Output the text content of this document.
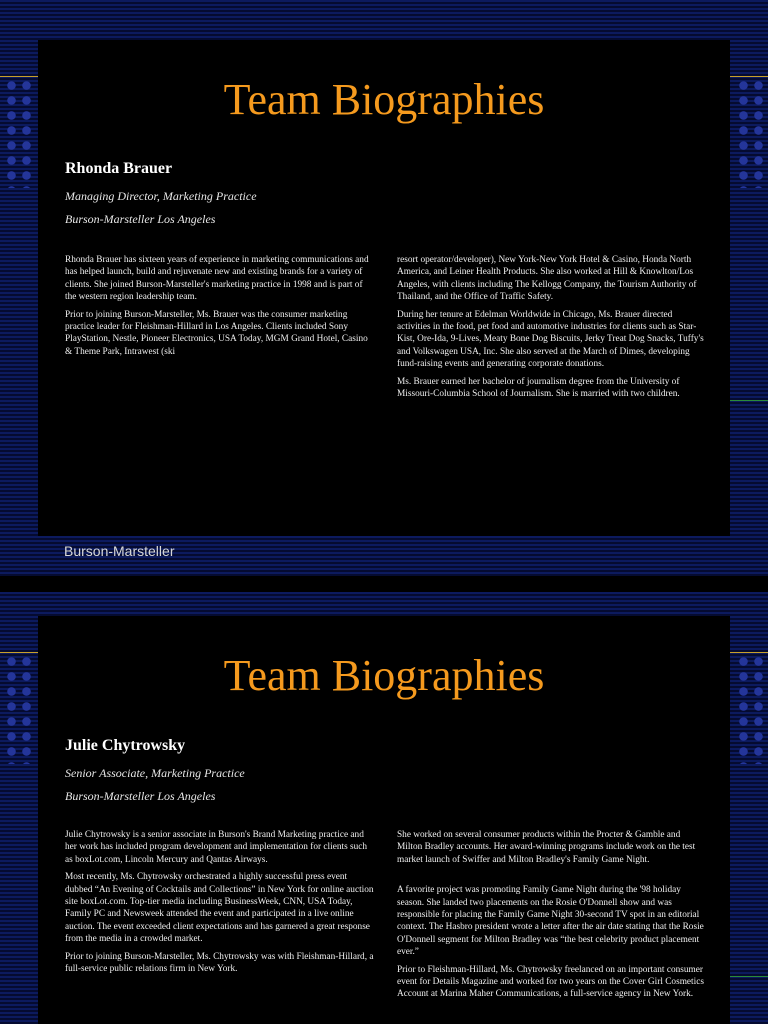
Team Biographies
Rhonda Brauer

Managing Director, Marketing Practice

Burson-Marsteller Los Angeles

Rhonda Brauer has sixteen years of experience in marketing communications and has helped launch, build and rejuvenate new and existing brands for a variety of clients. She joined Burson-Marsteller's marketing practice in 1998 and is part of the western region leadership team.

Prior to joining Burson-Marsteller, Ms. Brauer was the consumer marketing practice leader for Fleishman-Hillard in Los Angeles. Clients included Sony PlayStation, Nestle, Pioneer Electronics, USA Today, MGM Grand Hotel, Casino & Theme Park, Intrawest (ski

resort operator/developer), New York-New York Hotel & Casino, Honda North America, and Leiner Health Products. She also worked at Hill & Knowlton/Los Angeles, with clients including The Kellogg Company, the Tourism Authority of Thailand, and the Office of Traffic Safety.

During her tenure at Edelman Worldwide in Chicago, Ms. Brauer directed activities in the food, pet food and automotive industries for clients such as Star-Kist, Ore-Ida, 9-Lives, Meaty Bone Dog Biscuits, Jerky Treat Dog Snacks, Tuffy's and Volkswagen USA, Inc. She also served at the March of Dimes, developing fund-raising events and generating corporate donations.

Ms. Brauer earned her bachelor of journalism degree from the University of Missouri-Columbia School of Journalism. She is married with two children.

Burson-Marsteller

Team Biographies
Julie Chytrowsky

Senior Associate, Marketing Practice

Burson-Marsteller Los Angeles

Julie Chytrowsky is a senior associate in Burson's Brand Marketing practice and her work has included program development and implementation for clients such as boxLot.com, Lincoln Mercury and Qantas Airways.

Most recently, Ms. Chytrowsky orchestrated a highly successful press event dubbed “An Evening of Cocktails and Collections” in New York for online auction site boxLot.com. Top-tier media including BusinessWeek, CNN, USA Today, Family PC and Newsweek attended the event and participated in a live online auction. The event exceeded client expectations and has garnered a great response from the media in a crowded market.

Prior to joining Burson-Marsteller, Ms. Chytrowsky was with Fleishman-Hillard, a full-service public relations firm in New York.

She worked on several consumer products within the Procter & Gamble and Milton Bradley accounts. Her award-winning programs include work on the test market launch of Swiffer and Milton Bradley's Family Game Night.

A favorite project was promoting Family Game Night during the '98 holiday season. She landed two placements on the Rosie O'Donnell show and was responsible for placing the Family Game Night 30-second TV spot in an editorial context. The Hasbro president wrote a letter after the air date stating that the Rosie O'Donnell segment for Milton Bradley was “the best celebrity product placement ever.”

Prior to Fleishman-Hillard, Ms. Chytrowsky freelanced on an important consumer event for Details Magazine and worked for two years on the Cover Girl Cosmetics Account at Marina Maher Communications, a full-service agency in New York.
